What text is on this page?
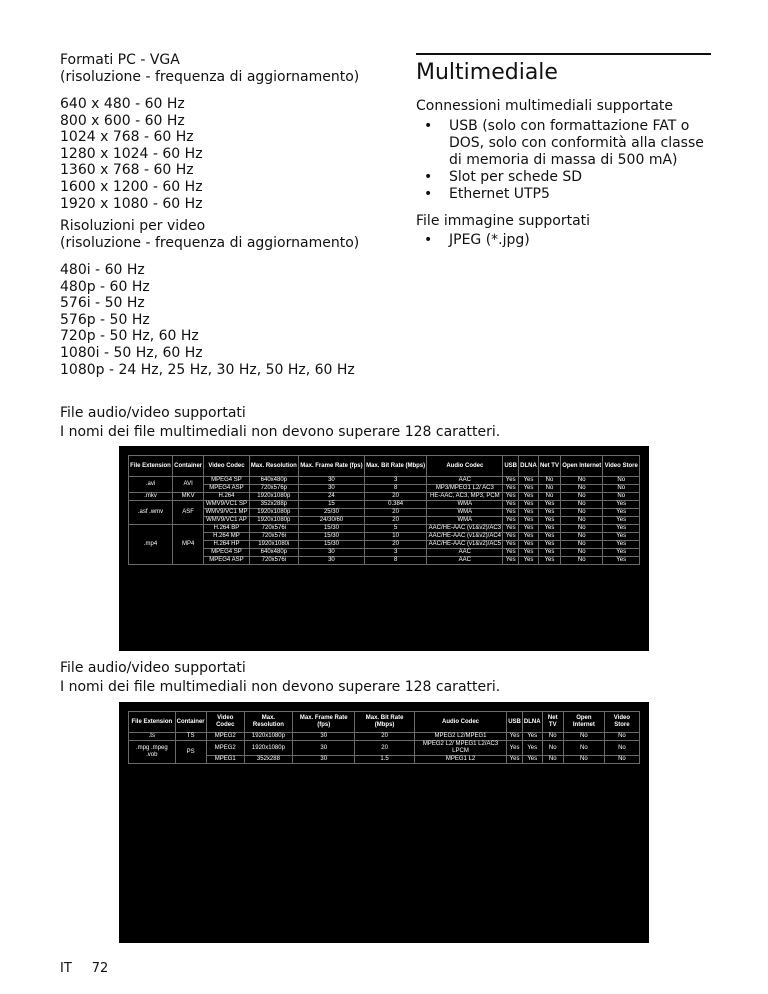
Formati PC - VGA

(risoluzione - frequenza di aggiornamento)

640 x 480 - 60 Hz
800 x 600 - 60 Hz
1024 x 768 - 60 Hz
1280 x 1024 - 60 Hz
1360 x 768 - 60 Hz
1600 x 1200 - 60 Hz
1920 x 1080 - 60 Hz

Risoluzioni per video

(risoluzione - frequenza di aggiornamento)

480i - 60 Hz
480p - 60 Hz
576i - 50 Hz
576p - 50 Hz
720p - 50 Hz, 60 Hz
1080i - 50 Hz, 60 Hz
1080p - 24 Hz, 25 Hz, 30 Hz, 50 Hz, 60 Hz
Multimediale
Connessioni multimediali supportate
• USB (solo con formattazione FAT o DOS, solo con conformità alla classe di memoria di massa di 500 mA)
• Slot per schede SD
• Ethernet UTP5
File immagine supportati
• JPEG (*.jpg)
File audio/video supportati
I nomi dei file multimediali non devono superare 128 caratteri.
File Extension	Container	Video Codec	Max. Resolution	Max. Frame Rate (fps)	Max. Bit Rate (Mbps)	Audio Codec	USB	DLNA	Net TV	Open Internet	Video Store
.avi	AVI	MPEG4 SP	640x480p	30	3	AAC	Yes	Yes	No	No	No
		MPEG4 ASP	720x576p	30	8	MP3/MPEG1 L2/ AC3	Yes	Yes	No	No	No
.mkv	MKV	H.264	1920x1080p	24	20	HE-AAC, AC3, MP3, PCM	Yes	Yes	No	No	No
.asf .wmv	ASF	WMV9/VC1 SP	352x288p	15	0.384	WMA	Yes	Yes	Yes	No	Yes
		WMV9/VC1 MP	1920x1080p	25/30	20	WMA	Yes	Yes	Yes	No	Yes
		WMV9/VC1 AP	1920x1080p	24/30/60	20	WMA	Yes	Yes	Yes	No	Yes
.mp4	MP4	H.264 BP	720x576i	15/30	5	AAC/HE-AAC (v1&v2)/AC3	Yes	Yes	Yes	No	Yes
		H.264 MP	720x576i	15/30	10	AAC/HE-AAC (v1&v2)/AC4	Yes	Yes	Yes	No	Yes
		H.264 HP	1920x1080i	15/30	20	AAC/HE-AAC (v1&v2)/AC5	Yes	Yes	Yes	No	Yes
		MPEG4 SP	640x480p	30	3	AAC	Yes	Yes	Yes	No	Yes
		MPEG4 ASP	720x576i	30	8	AAC	Yes	Yes	Yes	No	Yes
File audio/video supportati
I nomi dei file multimediali non devono superare 128 caratteri.
File Extension	Container	Video Codec	Max. Resolution	Max. Frame Rate (fps)	Max. Bit Rate (Mbps)	Audio Codec	USB	DLNA	Net TV	Open Internet	Video Store
.ts	TS	MPEG2	1920x1080p	30	20	MPEG2 L2/MPEG1	Yes	Yes	No	No	No
.mpg .mpeg .vob	PS	MPEG2	1920x1080p	30	20	MPEG2 L2/ MPEG1 L2/AC3 LPCM	Yes	Yes	No	No	No
		MPEG1	352x288	30	1.5	MPEG1 L2	Yes	Yes	No	No	No
IT 72
